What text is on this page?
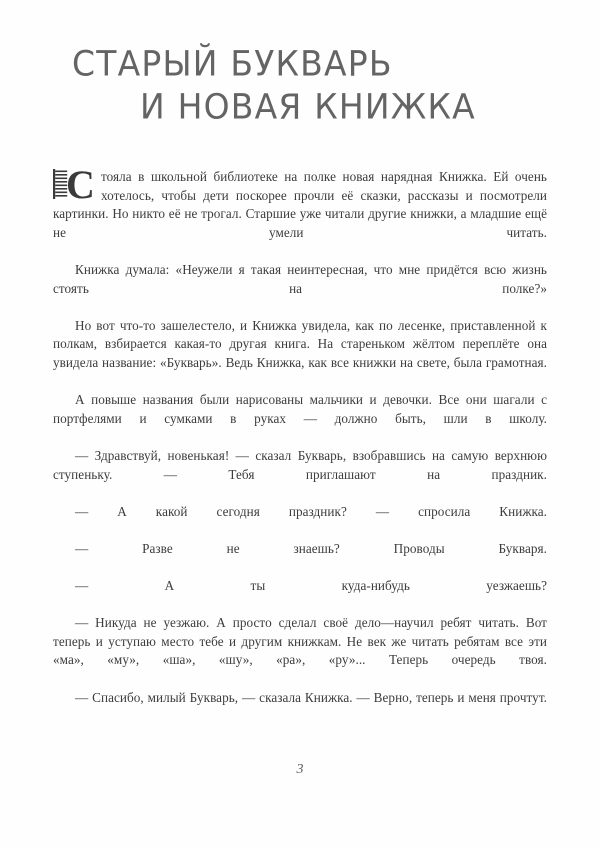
СТАРЫЙ БУКВАРЬ
И НОВАЯ КНИЖКА

С тояла в школьной библиотеке на полке новая нарядная Книжка. Ей очень хотелось, чтобы дети поскорее прочли её сказки, рассказы и посмотрели картинки. Но никто её не трогал. Старшие уже читали другие книжки, а младшие ещё не умели читать.

Книжка думала: «Неужели я такая неинтересная, что мне придётся всю жизнь стоять на полке?»

Но вот что-то зашелестело, и Книжка увидела, как по лесенке, приставленной к полкам, взбирается какая-то другая книга. На стареньком жёлтом переплёте она увидела название: «Букварь». Ведь Книжка, как все книжки на свете, была грамотная.

А повыше названия были нарисованы мальчики и девочки. Все они шагали с портфелями и сумками в руках — должно быть, шли в школу.

— Здравствуй, новенькая! — сказал Букварь, взобравшись на самую верхнюю ступеньку. — Тебя приглашают на праздник.

— А какой сегодня праздник? — спросила Книжка.

— Разве не знаешь? Проводы Букваря.

— А ты куда-нибудь уезжаешь?

— Никуда не уезжаю. А просто сделал своё дело—научил ребят читать. Вот теперь и уступаю место тебе и другим книжкам. Не век же читать ребятам все эти «ма», «му», «ша», «шу», «ра», «ру»... Теперь очередь твоя.

— Спасибо, милый Букварь, — сказала Книжка. — Верно, теперь и меня прочтут.

3
